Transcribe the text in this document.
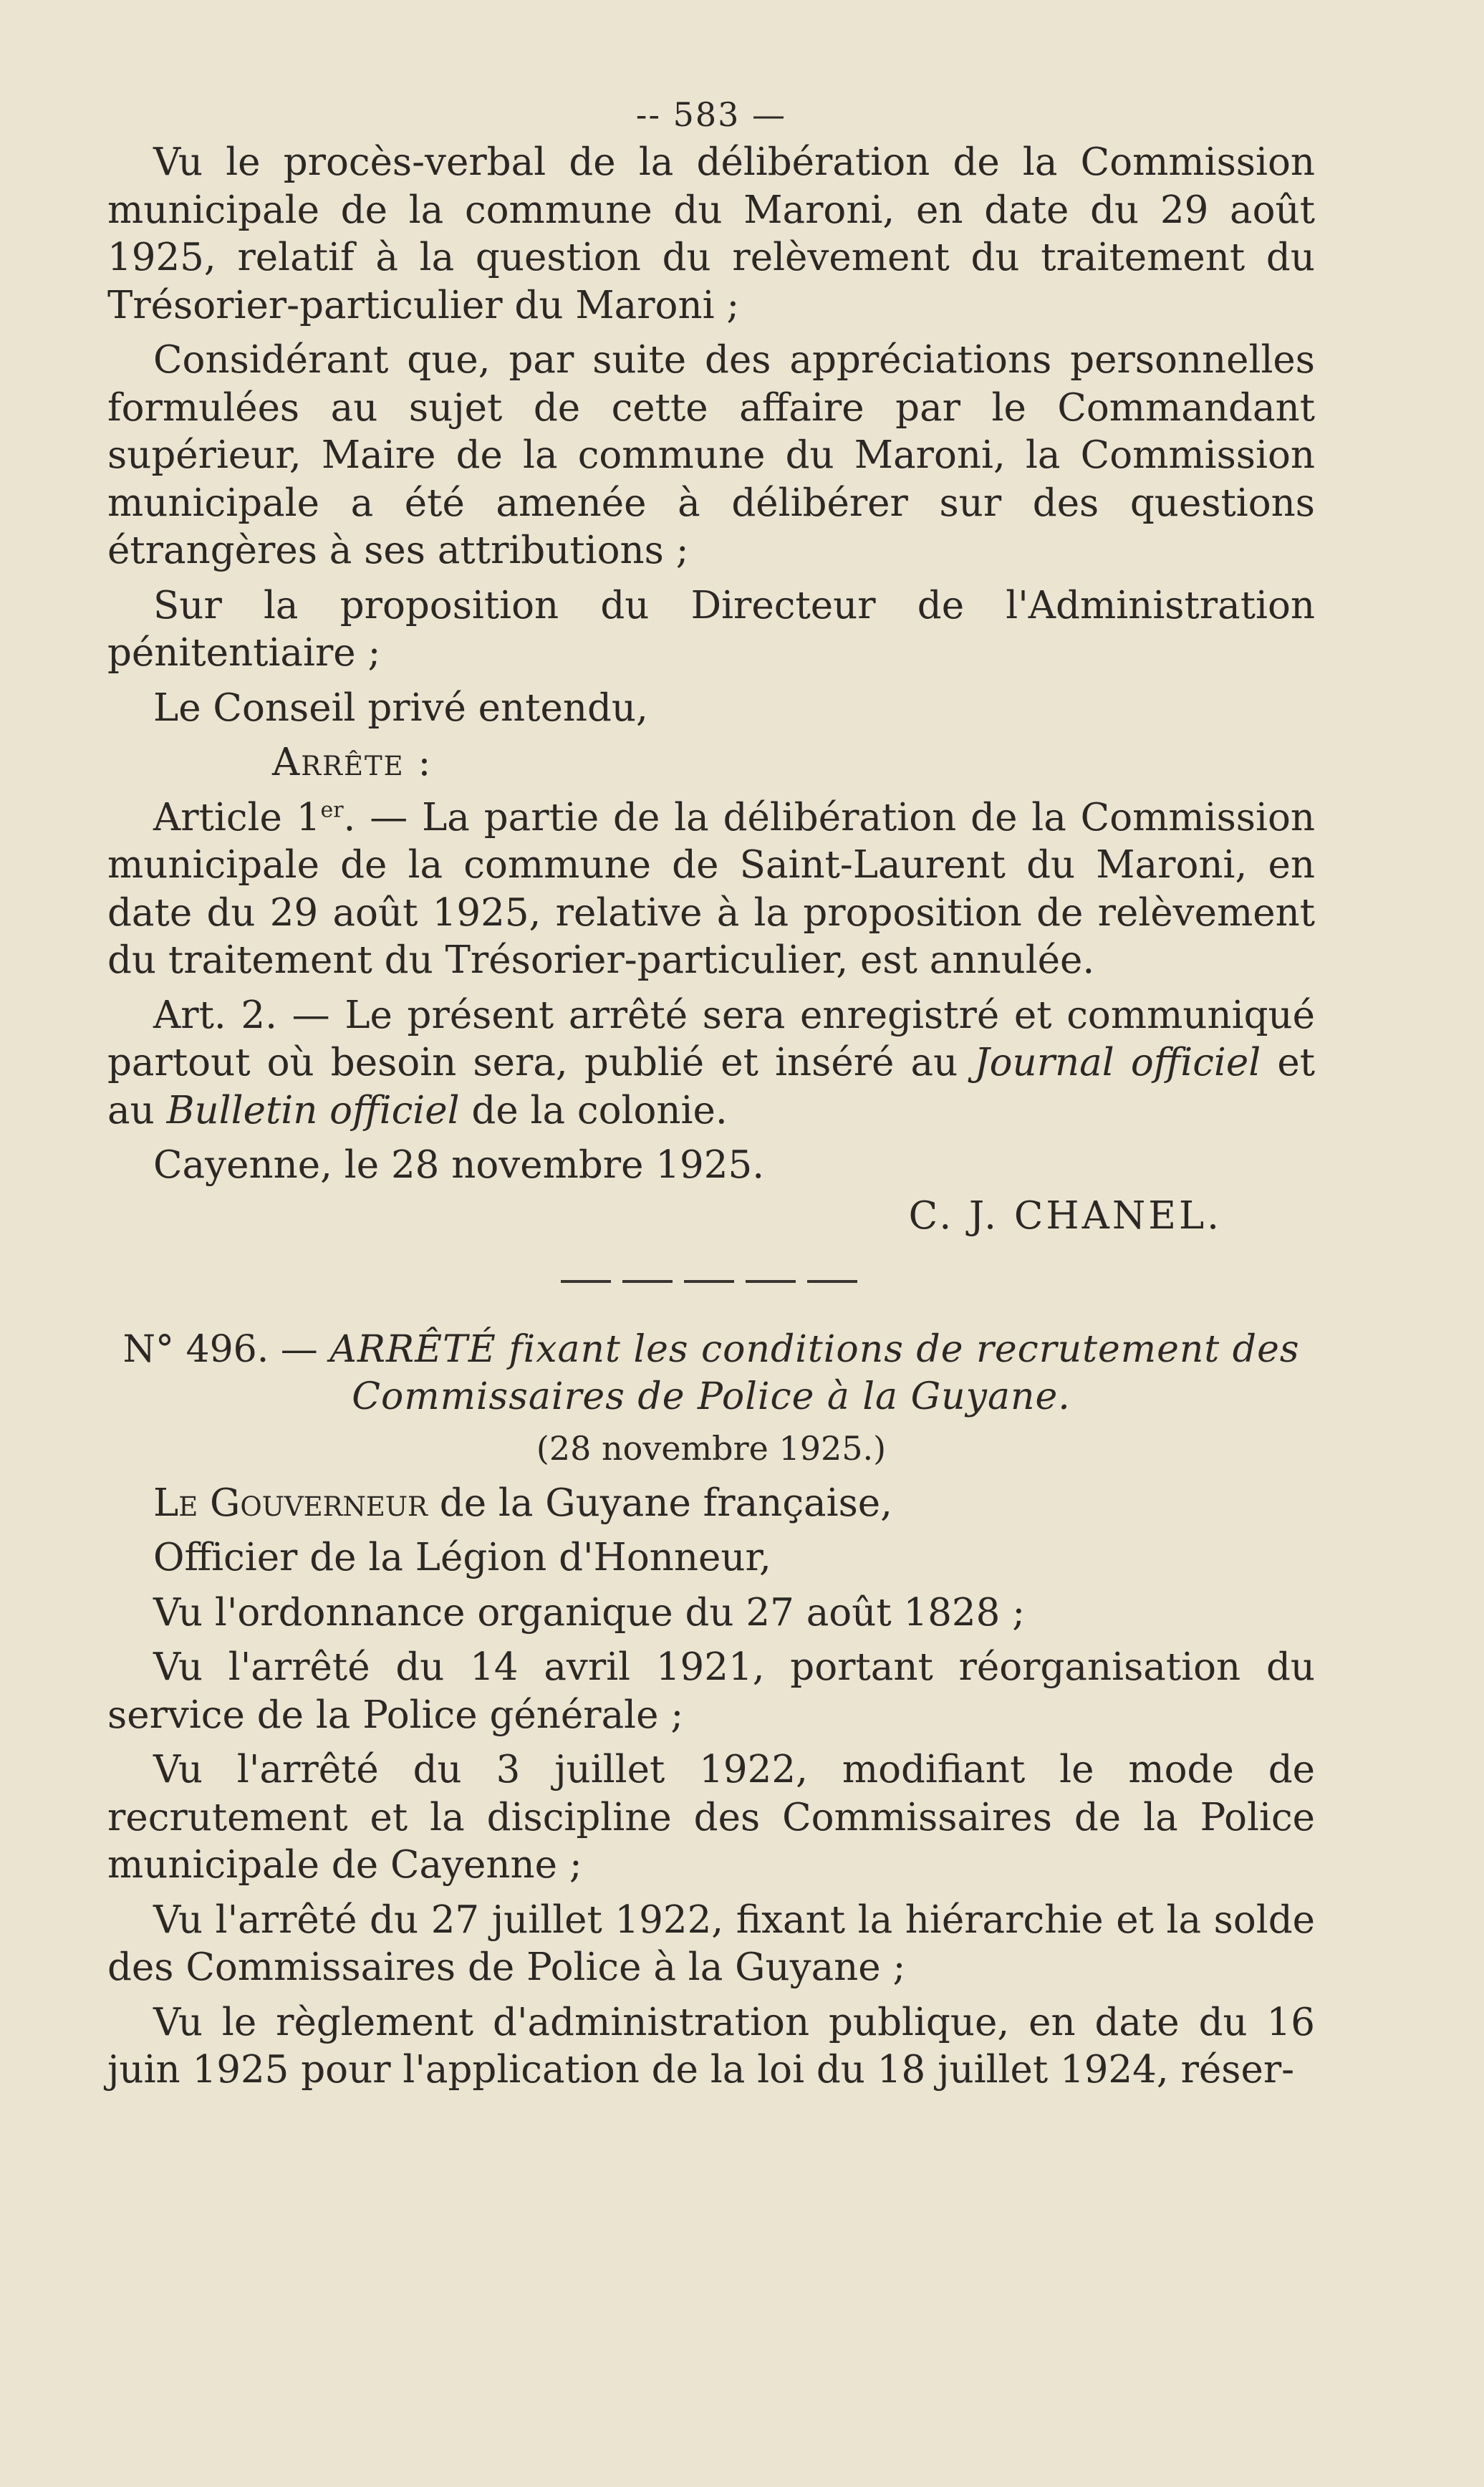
-- 583 —

Vu le procès-verbal de la délibération de la Commission municipale de la commune du Maroni, en date du 29 août 1925, relatif à la question du relèvement du traitement du Trésorier-particulier du Maroni ;

Considérant que, par suite des appréciations personnelles formulées au sujet de cette affaire par le Commandant supérieur, Maire de la commune du Maroni, la Commission municipale a été amenée à délibérer sur des questions étrangères à ses attributions ;

Sur la proposition du Directeur de l'Administration pénitentiaire ;

Le Conseil privé entendu,

Arrête :

Article 1er. — La partie de la délibération de la Commission municipale de la commune de Saint-Laurent du Maroni, en date du 29 août 1925, relative à la proposition de relèvement du traitement du Trésorier-particulier, est annulée.

Art. 2. — Le présent arrêté sera enregistré et communiqué partout où besoin sera, publié et inséré au Journal officiel et au Bulletin officiel de la colonie.

Cayenne, le 28 novembre 1925.

C. J. CHANEL.

N° 496. — ARRÊTÉ fixant les conditions de recrutement des Commissaires de Police à la Guyane.

(28 novembre 1925.)

Le Gouverneur de la Guyane française,

Officier de la Légion d'Honneur,

Vu l'ordonnance organique du 27 août 1828 ;

Vu l'arrêté du 14 avril 1921, portant réorganisation du service de la Police générale ;

Vu l'arrêté du 3 juillet 1922, modifiant le mode de recrutement et la discipline des Commissaires de la Police municipale de Cayenne ;

Vu l'arrêté du 27 juillet 1922, fixant la hiérarchie et la solde des Commissaires de Police à la Guyane ;

Vu le règlement d'administration publique, en date du 16 juin 1925 pour l'application de la loi du 18 juillet 1924, réser-
